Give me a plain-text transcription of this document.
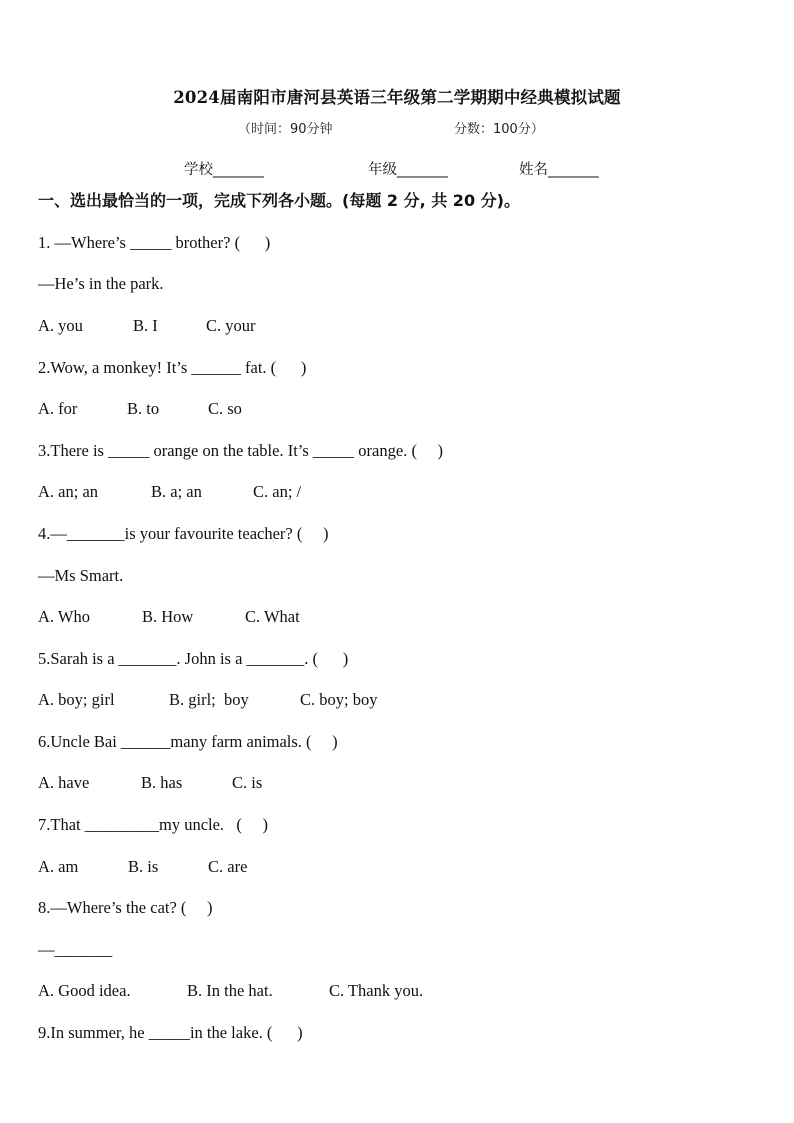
2024届南阳市唐河县英语三年级第二学期期中经典模拟试题
（时间：90分钟	分数：100分）
学校_______	年级_______	姓名_______
一、选出最恰当的一项，完成下列各小题。(每题 2 分, 共 20 分)。
1. —Where’s _____ brother? (      )
—He’s in the park.
A. you	B. I	C. your
2.Wow, a monkey! It’s ______ fat. (      )
A. for	B. to	C. so
3.There is _____ orange on the table. It’s _____ orange. (     )
A. an; an	B. a; an	C. an; /
4.—_______is your favourite teacher? (     )
—Ms Smart.
A. Who	B. How	C. What
5.Sarah is a _______. John is a _______. (      )
A. boy; girl	B. girl;  boy	C. boy; boy
6.Uncle Bai ______many farm animals. (     )
A. have	B. has	C. is
7.That _________my uncle.   (     )
A. am	B. is	C. are
8.—Where’s the cat? (     )
—_______
A. Good idea.	B. In the hat.	C. Thank you.
9.In summer, he _____in the lake. (      )
